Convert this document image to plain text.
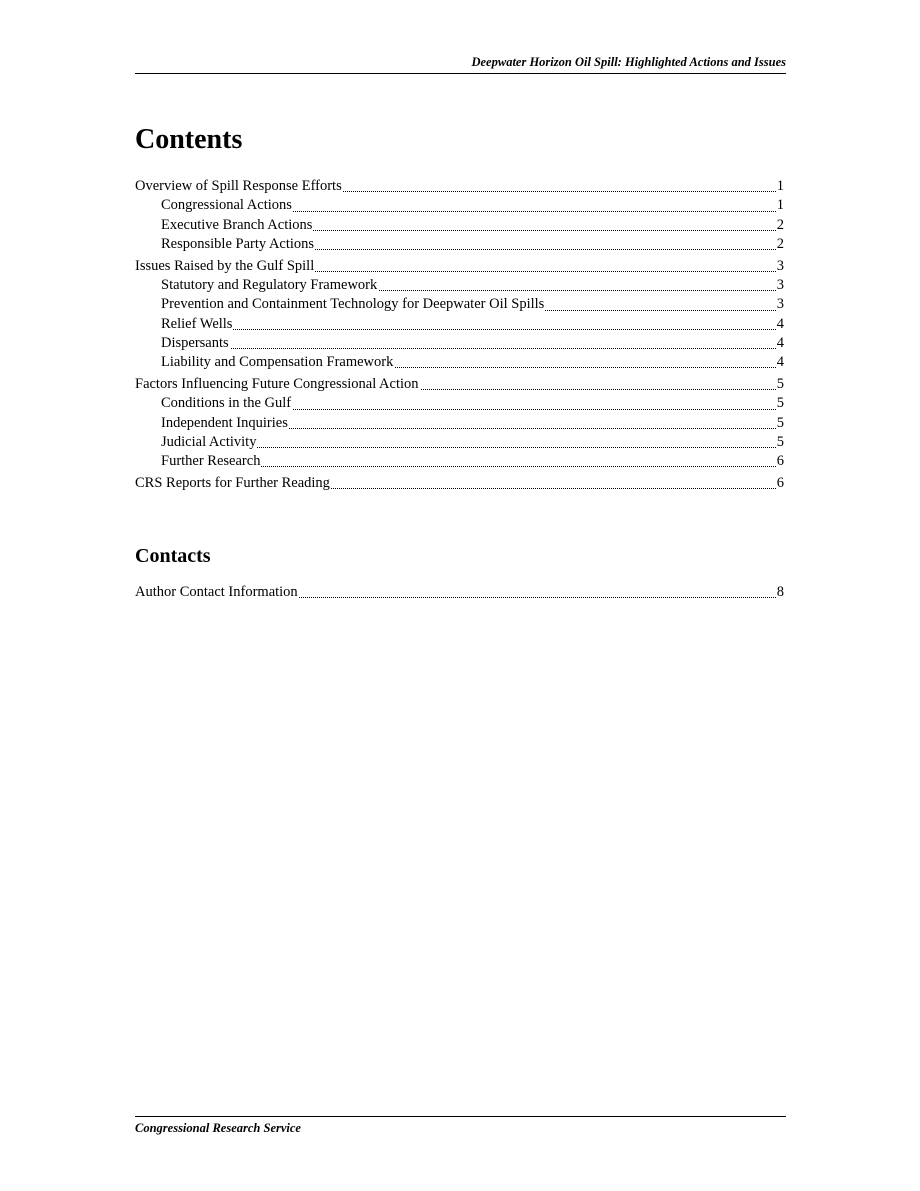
Deepwater Horizon Oil Spill: Highlighted Actions and Issues
Contents
Overview of Spill Response Efforts	1
Congressional Actions	1
Executive Branch Actions	2
Responsible Party Actions	2
Issues Raised by the Gulf Spill	3
Statutory and Regulatory Framework	3
Prevention and Containment Technology for Deepwater Oil Spills	3
Relief Wells	4
Dispersants	4
Liability and Compensation Framework	4
Factors Influencing Future Congressional Action	5
Conditions in the Gulf	5
Independent Inquiries	5
Judicial Activity	5
Further Research	6
CRS Reports for Further Reading	6
Contacts
Author Contact Information	8
Congressional Research Service
